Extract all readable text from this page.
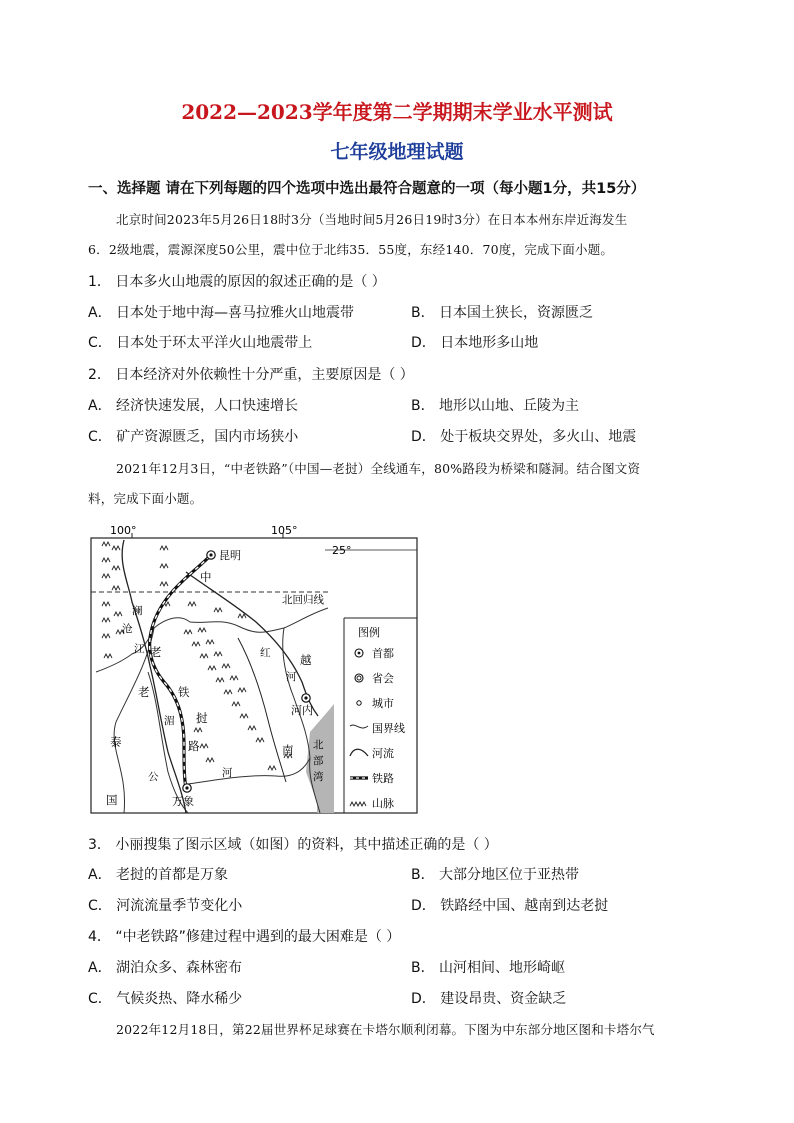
2022—2023学年度第二学期期末学业水平测试
七年级地理试题
一、选择题 请在下列每题的四个选项中选出最符合题意的一项（每小题1分，共15分）
北京时间2023年5月26日18时3分（当地时间5月26日19时3分）在日本本州东岸近海发生
6．2级地震，震源深度50公里，震中位于北纬35．55度，东经140．70度，完成下面小题。
1． 日本多火山地震的原因的叙述正确的是（ ）
A． 日本处于地中海—喜马拉雅火山地震带	B． 日本国土狭长，资源匮乏
C． 日本处于环太平洋火山地震带上	D． 日本地形多山地
2． 日本经济对外依赖性十分严重，主要原因是（ ）
A． 经济快速发展，人口快速增长	B． 地形以山地、丘陵为主
C． 矿产资源匮乏，国内市场狭小	D． 处于板块交界处，多火山、地震
2021年12月3日，“中老铁路”（中国—老挝）全线通车，80%路段为桥梁和隧洞。结合图文资
料，完成下面小题。
100°	105°
25°
北回归线
昆明
河内
万象
中
澜
沧
江 老
老 铁
挝
路
湄
公	河
红
河
越
南
泰
国
北
部
湾
图例
首都
省会
城市
国界线
河流
铁路
山脉
3． 小丽搜集了图示区域（如图）的资料，其中描述正确的是（ ）
A． 老挝的首都是万象	B． 大部分地区位于亚热带
C． 河流流量季节变化小	D． 铁路经中国、越南到达老挝
4． “中老铁路”修建过程中遇到的最大困难是（ ）
A． 湖泊众多、森林密布	B． 山河相间、地形崎岖
C． 气候炎热、降水稀少	D． 建设昂贵、资金缺乏
2022年12月18日，第22届世界杯足球赛在卡塔尔顺利闭幕。下图为中东部分地区图和卡塔尔气
